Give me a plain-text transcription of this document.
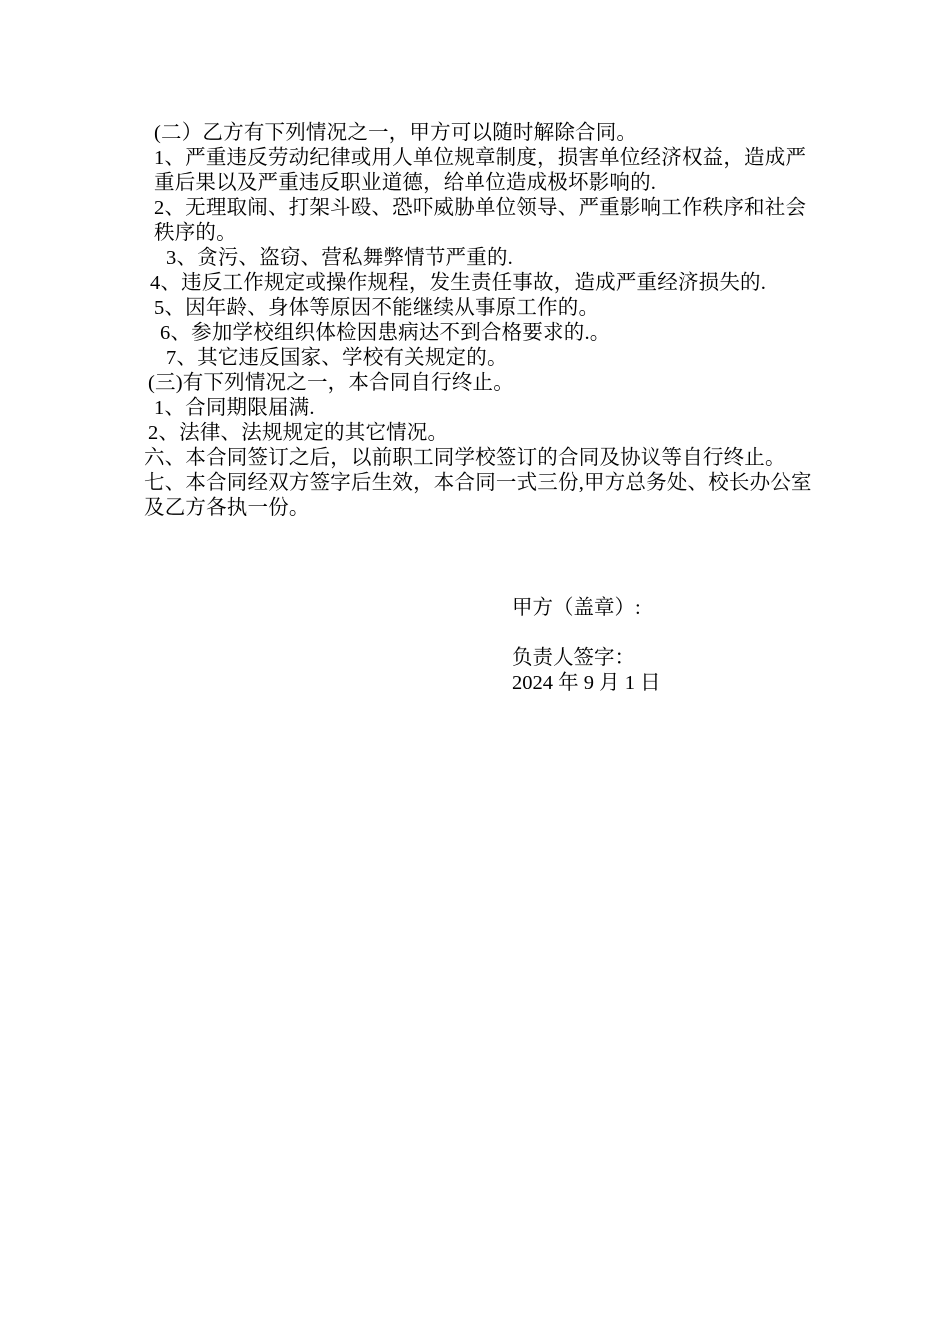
(二）乙方有下列情况之一，甲方可以随时解除合同。

1、严重违反劳动纪律或用人单位规章制度，损害单位经济权益，造成严重后果以及严重违反职业道德，给单位造成极坏影响的.

2、无理取闹、打架斗殴、恐吓威胁单位领导、严重影响工作秩序和社会秩序的。

3、贪污、盗窃、营私舞弊情节严重的.

4、违反工作规定或操作规程，发生责任事故，造成严重经济损失的.

5、因年龄、身体等原因不能继续从事原工作的。

6、参加学校组织体检因患病达不到合格要求的.。

7、其它违反国家、学校有关规定的。

(三)有下列情况之一，本合同自行终止。

1、合同期限届满.

2、法律、法规规定的其它情况。

六、本合同签订之后，以前职工同学校签订的合同及协议等自行终止。

七、本合同经双方签字后生效，本合同一式三份,甲方总务处、校长办公室及乙方各执一份。

甲方（盖章）:

负责人签字：

2024 年 9 月 1 日
